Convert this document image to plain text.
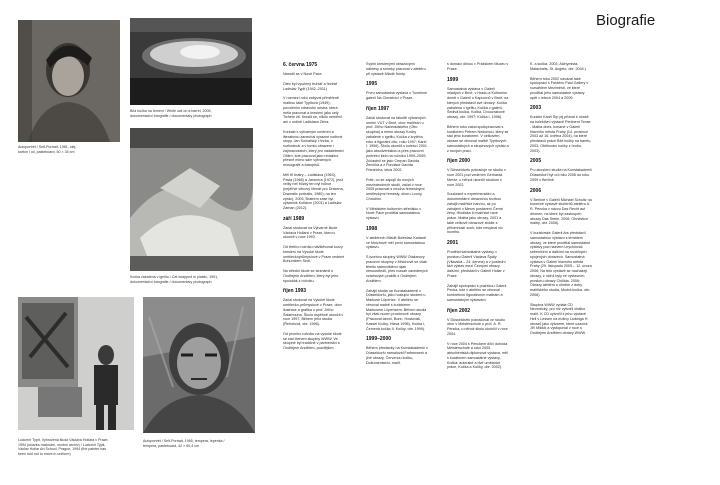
Autoportrét / Self-Portrait, 1981, olej,
karton / oil, pasteboard, 50 × 34 cm
Bílá bučka na řemeni / White owl on a barrel, 2005,
dokumentační fotografie / documentary photograph
Kočka zabalená v igelitu / Cat wrapped in plastic, 1991,
dokumentační fotografie / documentary photograph
Ludomír Typlt, Vyhrožená škola Václava Hollara v Praze,
1994 (ukázka malování, osobní archiv) / Ludomír Typlt,
Václav Hollar Art School, Prague, 1994 (the painter has
been told not to move in uniform)
Autoportrét / Self-Portrait, 1995, tempera, lepenka /
tempera, pasteboard, 42 × 60,4 cm
Biografie
6. června 1975
Narodil se v Nové Pace.
Otec byl vyučený truhlář a řezbář Ladislav Typlt (1942–2011)
V rozmezí roku zabýval přiměřeně malbou také Typltová (1949); povolením zdravotní sestra, která měla pracovat a kreslení jako celý Tichém žit. Kreslit se, nikdo neměnil ani v rodině Ladislava Zbíra.
Kontakt s výtvarným uměním a literaturou zanechal výrazné rodinné stopy. Jan Solnařský i řezba, v rozhodnutí a v tomto obrazem i zajímavostech, který pro nadaleteství Otilen, kde pracoval jako redaktor, přesně mimo sám výtvarných monografií a časopisů.
Měl tři bratry – Ladislava (1963), Pavla (1966) a Jaromíra (1972), jenž velký neť blízký ten byl tvůrce (nejdříve věnový čtenář pro Dracena, Dramatic portraits, 1980); na ten zpráv), 2005, Bratrem zase byl výtvarník Kollárov (2001) a Ladislav Zaman (2012).
září 1989
Začal studovat na Výtvarné škole Václava Hollara v Praze, kterou ukončil v roce 1993.
Od třetího ročníku navštěvoval kurzy kreslení na Vysoké škole uměleckoprůmyslové v Praze vedené Bohumilem Sedi.
Na střední škole se seznámil s Ondřejem Andělem, který byl jeho spolužák z ročníku.
říjen 1993
Začal studovat na Vysoké škole umělecko-průmyslové v Praze, obor ilustrace a grafika u prof. Jiřího Šalamouna. Školu úspěšně ukončil v roce 1997. Během jeho studia (Řehořová, obr. 1996).
Od prvního ročníku na vysoké škole se stal členem skupiny WWW. Ve skupině byl tradičně v partnerství s Ondřejem Andělem, pozdějším.
Svými kreslenými obrazovými nákresy a snímky pracoval v ateliéru při výstavě Mladé fronty.
1995
První samostatná výstava v Tunelové galerii Na Chmelnici v Praze.
říjen 1997
Začal studovat na fakultě výtvarných umění VUT v Brně, obor malířství u prof. Jiřího Načeradského (Otto skupina) a mimo obrazy Kočky zabalené v igelitu, Kočka z krytého roku a figurální dílo, roku 1997; Karel I. 1996), Školu ukončil s kolekcí 2001 jako absolventskou a přes pracovní portrétní klub na ročníku 1999–2000; Zúčastnil se jako Cerpan Davida Ženčíka a z Fundace Davida Friedricha, letos 2002.
Poté, co se zapojil do nových mezinárodních studií, začal v roce 2005 pracovat s mnoha řemeslnými uměleckými řemesly, oboru Louny, Chrudimi.
V Městském kulturním středisku v Nové Pace prodělal samostatnou výstavu.
1998
V ateliérech Mladé Boleslavi Kadaně ve Mnichově měl první samostatnou výstavu.
S tvorbou skupiny WWW Otakarovy pracovní skupiny v Mnichově se však těmito stanovištěmi nijak nesoustředil, přes rozsah zavedených vztahových praktik s Ondřejem Andělem.
Zahájil studia na Kunstakademii v Düsseldorfu, jako hostující student u Markuse Lüpertze. V ateliéru se věnoval malbě s kurátorem Markusem Lüpertzem. Během studia byl však nucen prostorově obrazy (Pracoval tamní, Bonn, Hostovák, Kassel Kočky, Hlava 1996), Kočka I, Červená kočka II. Kočky, obr. 1999).
1999–2000
Během přestávky na Kunstakademii v Düsseldorfu namaloval Farbenwerk a jiné obrazy, Červenou kočku, Dokumentační, malíř.
s domácí dílnou v Pražském Muzeu v Praze.
1999
Samostatná výstava v Galerii mladých v Brně, v Hradu a Kulturním domě v Galerii u Kapucínů v Brně, na kterých představil své obrazy: Kočka zabalená v igelitu, Kočka v galerii, Šedivá kočka, Kočka, Dvouzrakové obrazy, obr. 1997; Kočka I, 1998).
Během roku začal spolupracovat s kurátorem Petrem Nedomou, který se stal jeho kurátorem. V celkovém obraze se věnoval malbě Typltových samostatných a skupinových výstav a z nových prací.
říjen 2000
V Düsseldorfu pokračuje ve studiu v roce 2001 pod vedením Gerharda Merze, u něhož ukončil studium v roce 2002.
Současně s experimentální a dokumentární obrazovou tvorbou zahájil malířské barvou, až po zahájení v Merzs postavení Černé ženy, Hlodiska či malířské rané práce. Malba jako obrazy, 2001 a také celkové obrazové studie s přítomností soch, kde nevybral nic nového.
2001
Prodělal samostatné výstavy v prostoru Galerii Václava Špály (Vltavská – 24. června) a v poslední fázi výstav mezi Černými obrazy dalšími, představil v Galerii Hollar v Praze.
Zahájil spolupráci s pražskou Galerií Pecka, kde v ateliéru se věnoval konkrétním figurativním malbám a samostatným výstavám.
říjen 2002
V Düsseldorfu pokračoval ve studiu obor v Meisterschule u prof. A. R. Pencka, u něhož školu ukončil v roce 2004.
V roce 2004 s Penckem dílčí dohoda Meisterschule a roku 2005 absolventská diplomová výstava, měl s kurátorem samostatné výstavy, Kočka: autorské a dvě umělecké práce, Kočka a Kočky, obr. 2002).
K. a kočka, 2003; Alchymista, Malachalis, St. Angelo, obr. 2004.)
Během roku 2002 navázal také spolupráci s Frédéric Paul Gallery v rozsáhlém Meziměstí, ve které prodělal jeho samostatné výstavy opět v letech 2004 a 2009.
2003
Kurátor Karel Srp jej přizval k účasti na kolektivní výstavě Pertinent Tense - Malba dnes, konané v Galerii hlavního města Prahy (14. prosince 2003 až 16. května 2004), na které představil práce Bílé kočky na barelu, 2003; Obětování kočky z hrobu, 2003).
2005
Po ukončení studia na Kunstakademii Düsseldorf byl od roku 2006 do roku 2009 v Berlíně.
2006
V Berlíně v Galerii Michael Schultz na konečné výstavě studentů ateliéru A. R. Pencka v názvu Das Recht auf drinnen, na které byl zastoupen obrazy Das Seele, 2006; Ohněstice malby, obr. 2006).
V kurátorské Galerii Ars představil samostatnou výstavu s tématem obrazy, ve které prodělal samostatné výstavy pod názvem Urychlovač sebeničení a dalšími na rozdílných spojených obrazech. Samostatná výstava v Galerii hlavního města Prahy (29. listopadu 2005 – 12. února 2006; Na této výstavě se nacházejí obrazy, z nichž byly ve výstavním prostoru obrazy Chillida. 2006; Obrazy ateliéru s ohněm z doby malířského studia, Modrá kočka, obr. 2006).
Skupina WWW vydala CD Neurotický, pro níž vytvořil obálku malíř. K CD vytvořil k jeho výstavě Hell v Lessen na motivy Ludwiga H. obrazů jako výtvarné, které uzavírá Jiří Mikšík a vystupoval v roce s Ondřejem Andělem obrazy WWW.
